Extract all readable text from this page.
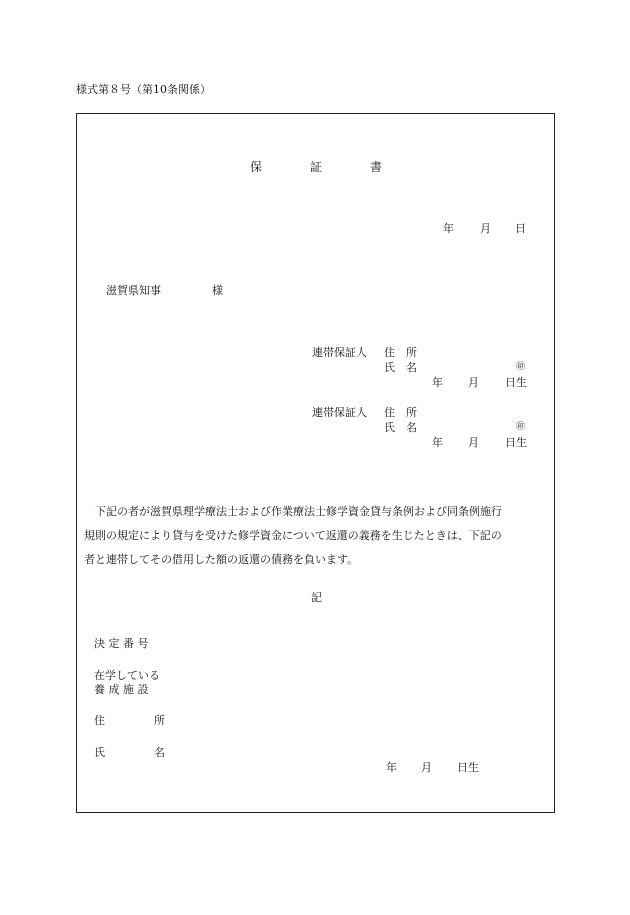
様式第８号（第10条関係）
保	証	書
年 月 日
滋賀県知事	様
連帯保証人 住　所
氏　名	㊞
年 月 日生
連帯保証人 住　所
氏　名	㊞
年 月 日生
　下記の者が滋賀県理学療法士および作業療法士修学資金貸与条例および同条例施行
規則の規定により貸与を受けた修学資金について返還の義務を生じたときは、下記の
者と連帯してその借用した額の返還の債務を負います。
記
決 定 番 号
在学している
養 成 施 設
住	所
氏	名
年 月 日生
